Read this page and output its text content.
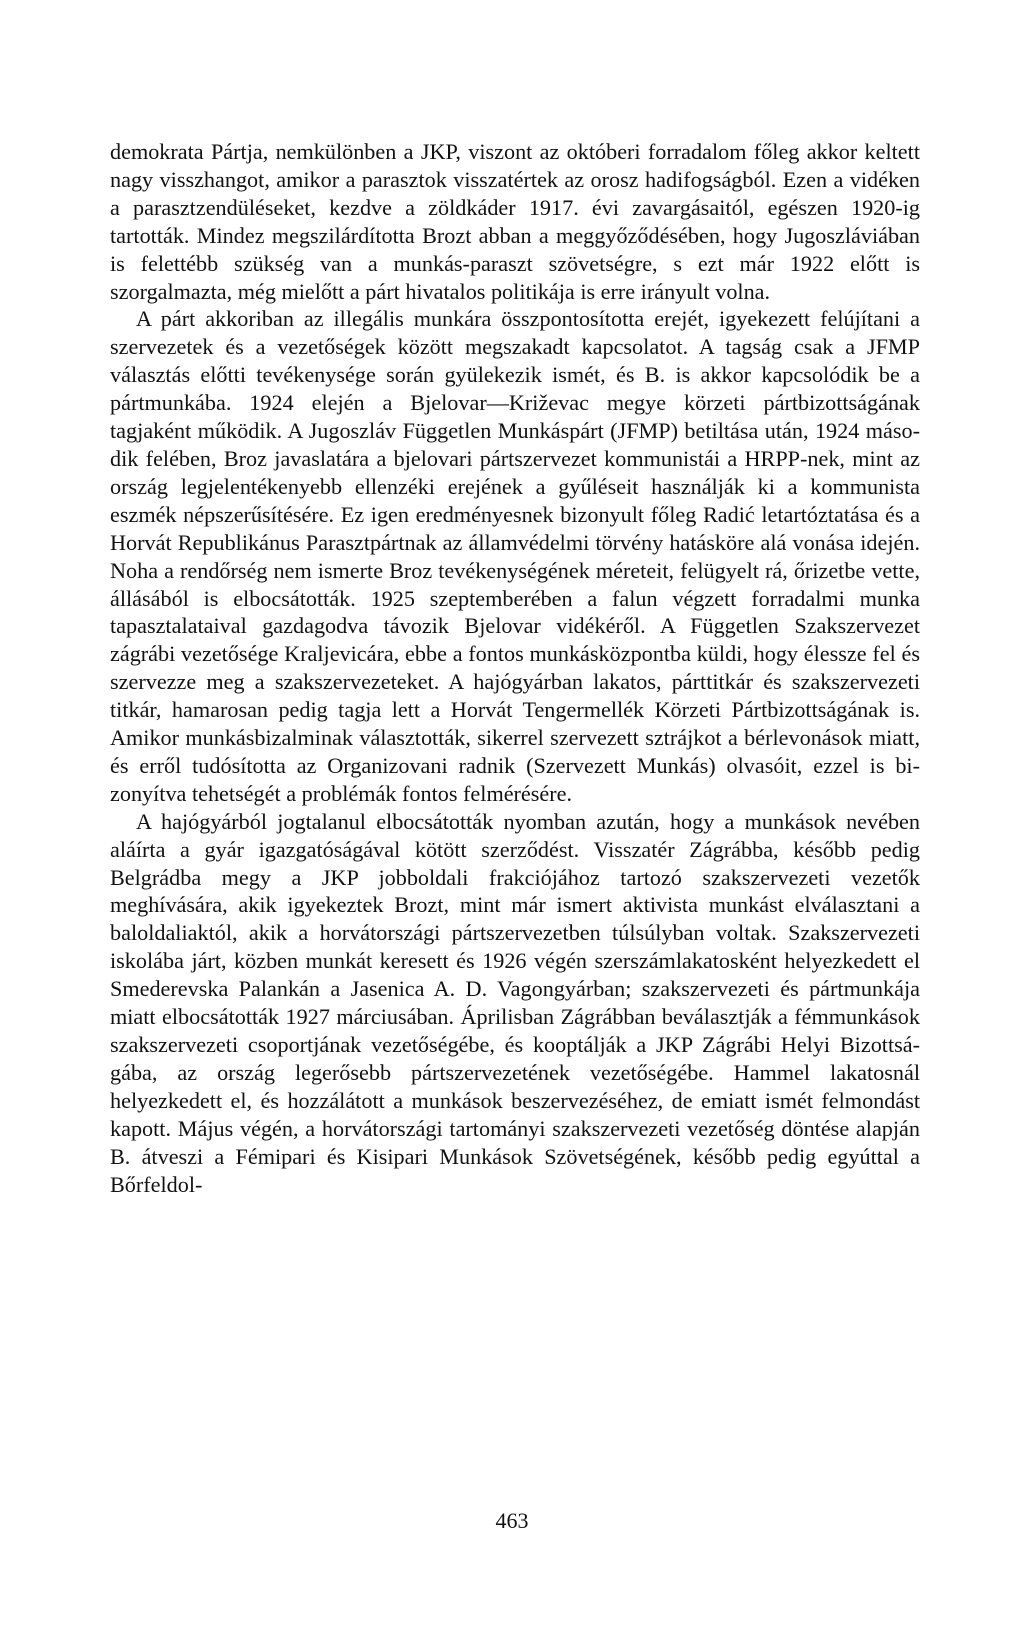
demokrata Pártja, nemkülönben a JKP, viszont az októberi forradalom főleg akkor keltett nagy visszhangot, amikor a parasztok visszatértek az orosz hadifogságból. Ezen a vidéken a parasztzendüléseket, kezdve a zöldkáder 1917. évi zavargásaitól, egészen 1920-ig tartották. Mindez megszilárdította Brozt abban a meggyőződésében, hogy Jugoszláviában is felettébb szükség van a munkás-paraszt szövetségre, s ezt már 1922 előtt is szorgalmazta, még mielőtt a párt hivatalos politikája is erre irányult volna.

A párt akkoriban az illegális munkára összpontosította erejét, igyekezett felújítani a szervezetek és a vezetőségek között megszakadt kapcsolatot. A tagság csak a JFMP választás előtti tevékenysége során gyülekezik ismét, és B. is akkor kapcsolódik be a pártmunkába. 1924 elején a Bjelovar—Križevac megye körzeti pártbizottságának tagjaként működik. A Jugoszláv Független Munkáspárt (JFMP) betiltása után, 1924 második felében, Broz javaslatára a bjelovari pártszervezet kommunistái a HRPP-nek, mint az ország legjelentékenyebb ellenzéki erejének a gyűléseit használják ki a kommunista eszmék népszerűsítésére. Ez igen eredményesnek bizonyult főleg Radić letartóztatása és a Horvát Republikánus Parasztpártnak az államvédelmi törvény hatásköre alá vonása idején. Noha a rendőrség nem ismerte Broz tevékenységének méreteit, felügyelt rá, őrizetbe vette, állásából is elbocsátották. 1925 szeptemberében a falun végzett forradalmi munka tapasztalataival gazdagodva távozik Bjelovar vidékéről. A Független Szakszervezet zágrábi vezetősége Kraljevicára, ebbe a fontos munkásközpontba küldi, hogy élessze fel és szervezze meg a szakszervezeteket. A hajógyárban lakatos, párttitkár és szakszervezeti titkár, hamarosan pedig tagja lett a Horvát Tengermellék Körzeti Pártbizottságának is. Amikor munkásbizalminak választották, sikerrel szervezett sztrájkot a bérlevonások miatt, és erről tudósította az Organizovani radnik (Szervezett Munkás) olvasóit, ezzel is bizonyítva tehetségét a problémák fontos felmérésére.

A hajógyárból jogtalanul elbocsátották nyomban azután, hogy a munkások nevében aláírta a gyár igazgatóságával kötött szerződést. Visszatér Zágrábba, később pedig Belgrádba megy a JKP jobboldali frakciójához tartozó szakszervezeti vezetők meghívására, akik igyekeztek Brozt, mint már ismert aktivista munkást elválasztani a baloldaliaktól, akik a horvátországi pártszervezetben túlsúlyban voltak. Szakszervezeti iskolába járt, közben munkát keresett és 1926 végén szerszámlakatosként helyezkedett el Smederevska Palankán a Jasenica A. D. Vagongyárban; szakszervezeti és pártmunkája miatt elbocsátották 1927 márciusában. Áprilisban Zágrábban beválasztják a fémmunkások szakszervezeti csoportjának vezetőségébe, és kooptálják a JKP Zágrábi Helyi Bizottságába, az ország legerősebb pártszervezetének vezetőségébe. Hammel lakatosnál helyezkedett el, és hozzálátott a munkások beszervezéséhez, de emiatt ismét felmondást kapott. Május végén, a horvátországi tartományi szakszervezeti vezetőség döntése alapján B. átveszi a Fémipari és Kisipari Munkások Szövetségének, később pedig egyúttal a Bőrfeldol-

463
